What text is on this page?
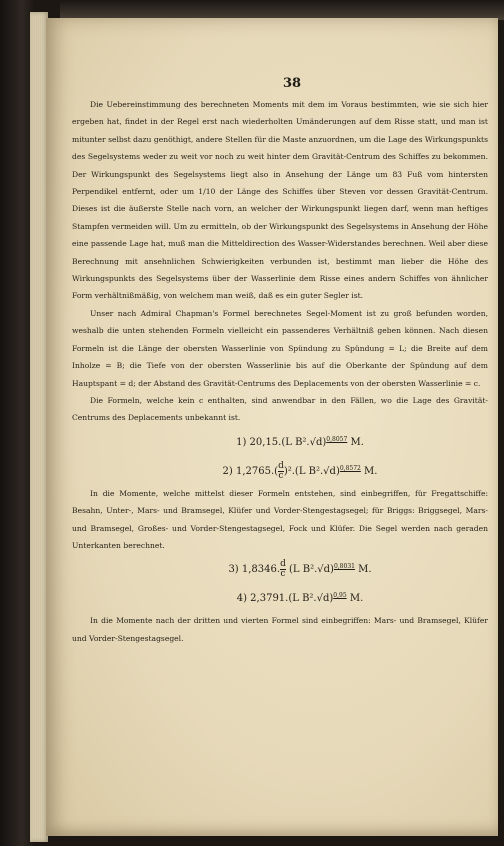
38

Die Uebereinstimmung des berechneten Moments mit dem im Voraus bestimmten, wie sie sich hier ergeben hat, findet in der Regel erst nach wiederholten Umänderungen auf dem Risse statt, und man ist mitunter selbst dazu genöthigt, andere Stellen für die Maste anzuordnen, um die Lage des Wirkungspunkts des Segelsystems weder zu weit vor noch zu weit hinter dem Gravität-Centrum des Schiffes zu bekommen. Der Wirkungspunkt des Segelsystems liegt also in Ansehung der Länge um 83 Fuß vom hintersten Perpendikel entfernt, oder um 1/10 der Länge des Schiffes über Steven vor dessen Gravität-Centrum. Dieses ist die äußerste Stelle nach vorn, an welcher der Wirkungspunkt liegen darf, wenn man heftiges Stampfen vermeiden will. Um zu ermitteln, ob der Wirkungspunkt des Segelsystems in Ansehung der Höhe eine passende Lage hat, muß man die Mitteldirection des Wasser-Widerstandes berechnen. Weil aber diese Berechnung mit ansehnlichen Schwierigkeiten verbunden ist, bestimmt man lieber die Höhe des Wirkungspunkts des Segelsystems über der Wasserlinie dem Risse eines andern Schiffes von ähnlicher Form verhältnißmäßig, von welchem man weiß, daß es ein guter Segler ist.

Unser nach Admiral Chapman's Formel berechnetes Segel-Moment ist zu groß befunden worden, weshalb die unten stehenden Formeln vielleicht ein passenderes Verhältniß geben können. Nach diesen Formeln ist die Länge der obersten Wasserlinie von Spündung zu Spündung = L; die Breite auf dem Inholze = B; die Tiefe von der obersten Wasserlinie bis auf die Oberkante der Spündung auf dem Hauptspant = d; der Abstand des Gravität-Centrums des Deplacements von der obersten Wasserlinie = c.

Die Formeln, welche kein c enthalten, sind anwendbar in den Fällen, wo die Lage des Gravität-Centrums des Deplacements unbekannt ist.

1) 20,15.(L B².√d)$^{0,8057}$ M.
2) $1,2765.( \frac{d}{c} )^2.(L$ B².√d)$^{0,8572}$ M.

In die Momente, welche mittelst dieser Formeln entstehen, sind einbegriffen, für Fregattschiffe: Besahn, Unter-, Mars- und Bramsegel, Klüfer und Vorder-Stengestagsegel; für Briggs: Briggsegel, Mars- und Bramsegel, Großes- und Vorder-Stengestagsegel, Fock und Klüfer. Die Segel werden nach geraden Unterkanten berechnet.

3) 1,8346. $\frac{d}{c} (L$ B².√d)$^{0,8031}$ M.
4) 2,3791.(L B².√d)$^{0,95}$ M.

In die Momente nach der dritten und vierten Formel sind einbegriffen: Mars- und Bramsegel, Klüfer und Vorder-Stengestagsegel.
